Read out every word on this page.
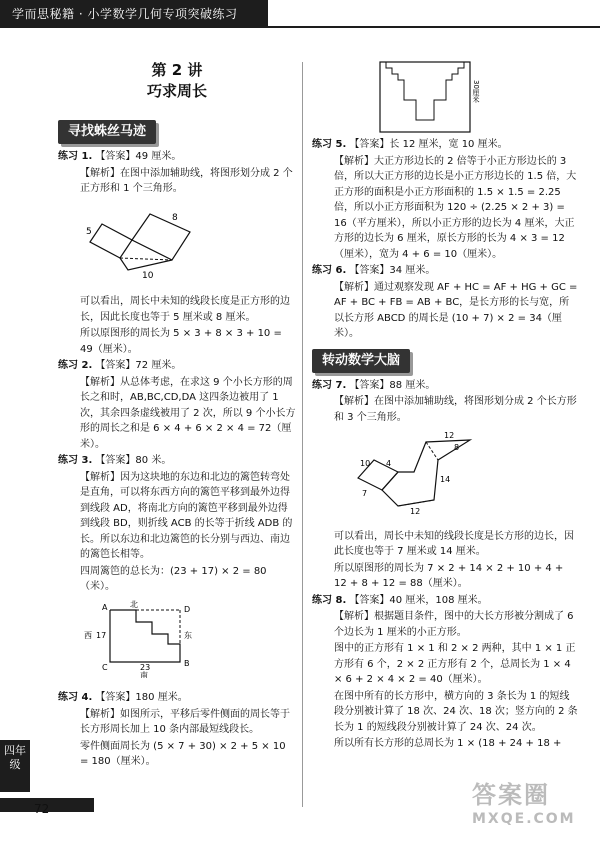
学而思秘籍 · 小学数学几何专项突破练习
第 2 讲
巧求周长
寻找蛛丝马迹
练习 1. 【答案】49 厘米。
【解析】在图中添加辅助线，将图形划分成 2 个正方形和 1 个三角形。
5
8
10
可以看出，周长中未知的线段长度是正方形的边长，因此长度也等于 5 厘米或 8 厘米。
所以原图形的周长为 5 × 3 + 8 × 3 + 10 = 49（厘米）。
练习 2. 【答案】72 厘米。
【解析】从总体考虑，在求这 9 个小长方形的周长之和时，AB,BC,CD,DA 这四条边被用了 1 次，其余四条虚线被用了 2 次，所以 9 个小长方形的周长之和是 6 × 4 + 6 × 2 × 4 = 72（厘米）。
练习 3. 【答案】80 米。
【解析】因为这块地的东边和北边的篱笆转弯处是直角，可以将东西方向的篱笆平移到最外边得到线段 AD，将南北方向的篱笆平移到最外边得到线段 BD，则折线 ACB 的长等于折线 ADB 的长。所以东边和北边篱笆的长分别与西边、南边的篱笆长相等。
四周篱笆的总长为：(23 + 17) × 2 = 80（米）。
A	D
C	B
北
西 17	东
23
南
练习 4. 【答案】180 厘米。
【解析】如图所示，平移后零件侧面的周长等于长方形周长加上 10 条内部最短线段长。
零件侧面周长为 (5 × 7 + 30) × 2 + 5 × 10 = 180（厘米）。
30厘米
练习 5. 【答案】长 12 厘米，宽 10 厘米。
【解析】大正方形边长的 2 倍等于小正方形边长的 3 倍，所以大正方形的边长是小正方形边长的 1.5 倍，大正方形的面积是小正方形面积的 1.5 × 1.5 = 2.25 倍，所以小正方形面积为 120 ÷ (2.25 × 2 + 3) = 16（平方厘米），所以小正方形的边长为 4 厘米，大正方形的边长为 6 厘米，原长方形的长为 4 × 3 = 12（厘米），宽为 4 + 6 = 10（厘米）。
练习 6. 【答案】34 厘米。
【解析】通过观察发现 AF + HC = AF + HG + GC = AF + BC + FB = AB + BC，是长方形的长与宽，所以长方形 ABCD 的周长是 (10 + 7) × 2 = 34（厘米）。
转动数学大脑
练习 7. 【答案】88 厘米。
【解析】在图中添加辅助线，将图形划分成 2 个长方形和 3 个三角形。
10 4
7
12
14
8
12
可以看出，周长中未知的线段长度是长方形的边长，因此长度也等于 7 厘米或 14 厘米。
所以原图形的周长为 7 × 2 + 14 × 2 + 10 + 4 + 12 + 8 + 12 = 88（厘米）。
练习 8. 【答案】40 厘米，108 厘米。
【解析】根据题目条件，图中的大长方形被分割成了 6 个边长为 1 厘米的小正方形。
图中的正方形有 1 × 1 和 2 × 2 两种，其中 1 × 1 正方形有 6 个，2 × 2 正方形有 2 个，总周长为 1 × 4 × 6 + 2 × 4 × 2 = 40（厘米）。
在图中所有的长方形中，横方向的 3 条长为 1 的短线段分别被计算了 18 次、24 次、18 次；竖方向的 2 条长为 1 的短线段分别被计算了 24 次、24 次。
所以所有长方形的总周长为 1 × (18 + 24 + 18 +
四年级
72	答案圈
MXQE.COM
